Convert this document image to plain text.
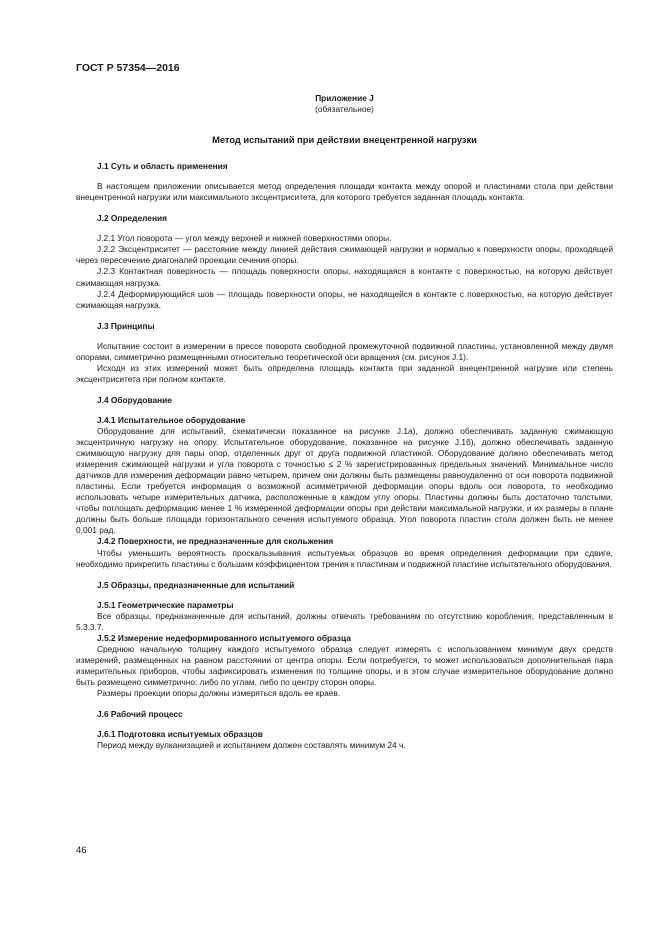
ГОСТ Р 57354—2016

Приложение J

(обязательное)

Метод испытаний при действии внецентренной нагрузки

J.1 Суть и область применения

В настоящем приложении описывается метод определения площади контакта между опорой и пластинами стола при действии внецентренной нагрузки или максимального эксцентриситета, для которого требуется заданная площадь контакта.

J.2 Определения

J.2.1 Угол поворота — угол между верхней и нижней поверхностями опоры.

J.2.2 Эксцентриситет — расстояние между линией действия сжимающей нагрузки и нормалью к поверхности опоры, проходящей через пересечение диагоналей проекции сечения опоры.

J.2.3 Контактная поверхность — площадь поверхности опоры, находящаяся в контакте с поверхностью, на которую действует сжимающая нагрузка.

J.2.4 Деформирующийся шов — площадь поверхности опоры, не находящейся в контакте с поверхностью, на которую действует сжимающая нагрузка.

J.3 Принципы

Испытание состоит в измерении в прессе поворота свободной промежуточной подвижной пластины, установленной между двумя опорами, симметрично размещенными относительно теоретической оси вращения (см. рисунок J.1).

Исходя из этих измерений может быть определена площадь контакта при заданной внецентренной нагрузке или степень эксцентриситета при полном контакте.

J.4 Оборудование

J.4.1 Испытательное оборудование

Оборудование для испытаний, схематически показанное на рисунке J.1а), должно обеспечивать заданную сжимающую эксцентричную нагрузку на опору. Испытательное оборудование, показанное на рисунке J.1б), должно обеспечивать заданную сжимающую нагрузку для пары опор, отделенных друг от друга подвижной пластиной. Оборудование должно обеспечивать метод измерения сжимающей нагрузки и угла поворота с точностью ≤ 2 % зарегистрированных предельных значений. Минимальное число датчиков для измерения деформации равно четырем, причем они должны быть размещены равноудаленно от оси поворота подвижной пластины. Если требуется информация о возможной асимметричной деформации опоры вдоль оси поворота, то необходимо использовать четыре измерительных датчика, расположенные в каждом углу опоры. Пластины должны быть достаточно толстыми, чтобы поглощать деформацию менее 1 % измеренной деформации опоры при действии максимальной нагрузки, и их размеры в плане должны быть больше площади горизонтального сечения испытуемого образца. Угол поворота пластин стола должен быть не менее 0,001 рад.

J.4.2 Поверхности, не предназначенные для скольжения

Чтобы уменьшить вероятность проскальзывания испытуемых образцов во время определения деформации при сдвиге, необходимо прикрепить пластины с большим коэффициентом трения к пластинам и подвижной пластине испытательного оборудования.

J.5 Образцы, предназначенные для испытаний

J.5.1 Геометрические параметры

Все образцы, предназначенные для испытаний, должны отвечать требованиям по отсутствию коробления, представленным в 5.3.3.7.

J.5.2 Измерение недеформированного испытуемого образца

Среднюю начальную толщину каждого испытуемого образца следует измерять с использованием минимум двух средств измерений, размещенных на равном расстоянии от центра опоры. Если потребуется, то может использоваться дополнительная пара измерительных приборов, чтобы зафиксировать изменения по толщине опоры, и в этом случае измерительное оборудование должно быть размещено симметрично: либо по углам, либо по центру сторон опоры.

Размеры проекции опоры должны измеряться вдоль ее краев.

J.6 Рабочий процесс

J.6.1 Подготовка испытуемых образцов

Период между вулканизацией и испытанием должен составлять минимум 24 ч.

46
